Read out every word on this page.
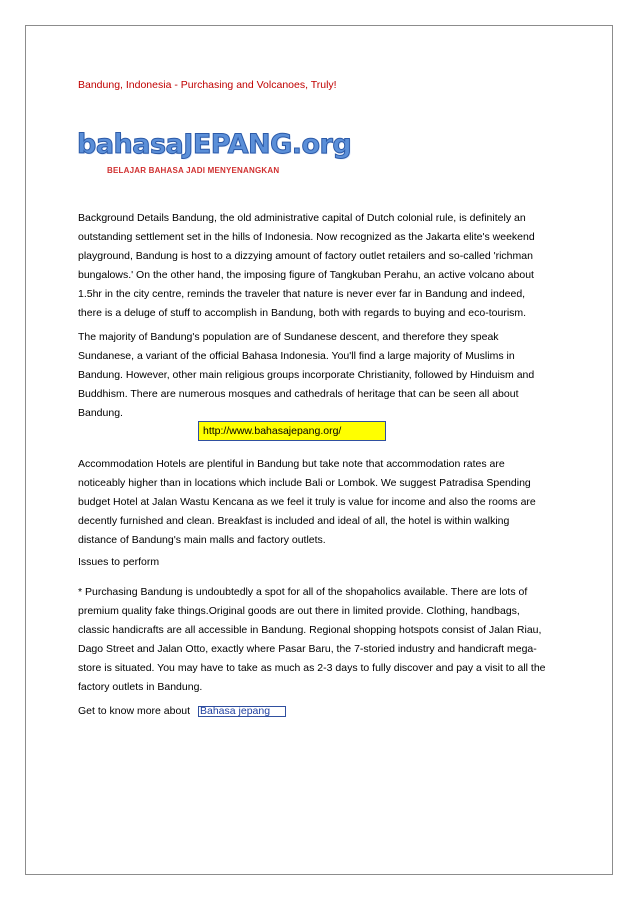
Bandung, Indonesia - Purchasing and Volcanoes, Truly!
bahasaJEPANG.org
BELAJAR BAHASA JADI MENYENANGKAN
Background Details Bandung, the old administrative capital of Dutch colonial rule, is definitely an
outstanding settlement set in the hills of Indonesia. Now recognized as the Jakarta elite's weekend
playground, Bandung is host to a dizzying amount of factory outlet retailers and so-called 'richman
bungalows.' On the other hand, the imposing figure of Tangkuban Perahu, an active volcano about
1.5hr in the city centre, reminds the traveler that nature is never ever far in Bandung and indeed,
there is a deluge of stuff to accomplish in Bandung, both with regards to buying and eco-tourism.
The majority of Bandung's population are of Sundanese descent, and therefore they speak
Sundanese, a variant of the official Bahasa Indonesia. You'll find a large majority of Muslims in
Bandung. However, other main religious groups incorporate Christianity, followed by Hinduism and
Buddhism. There are numerous mosques and cathedrals of heritage that can be seen all about
Bandung.
http://www.bahasajepang.org/
Accommodation Hotels are plentiful in Bandung but take note that accommodation rates are
noticeably higher than in locations which include Bali or Lombok. We suggest Patradisa Spending
budget Hotel at Jalan Wastu Kencana as we feel it truly is value for income and also the rooms are
decently furnished and clean. Breakfast is included and ideal of all, the hotel is within walking
distance of Bandung's main malls and factory outlets.
Issues to perform
* Purchasing Bandung is undoubtedly a spot for all of the shopaholics available. There are lots of
premium quality fake things.Original goods are out there in limited provide. Clothing, handbags,
classic handicrafts are all accessible in Bandung. Regional shopping hotspots consist of Jalan Riau,
Dago Street and Jalan Otto, exactly where Pasar Baru, the 7-storied industry and handicraft mega-
store is situated. You may have to take as much as 2-3 days to fully discover and pay a visit to all the
factory outlets in Bandung.
Get to know more about Bahasa jepang
